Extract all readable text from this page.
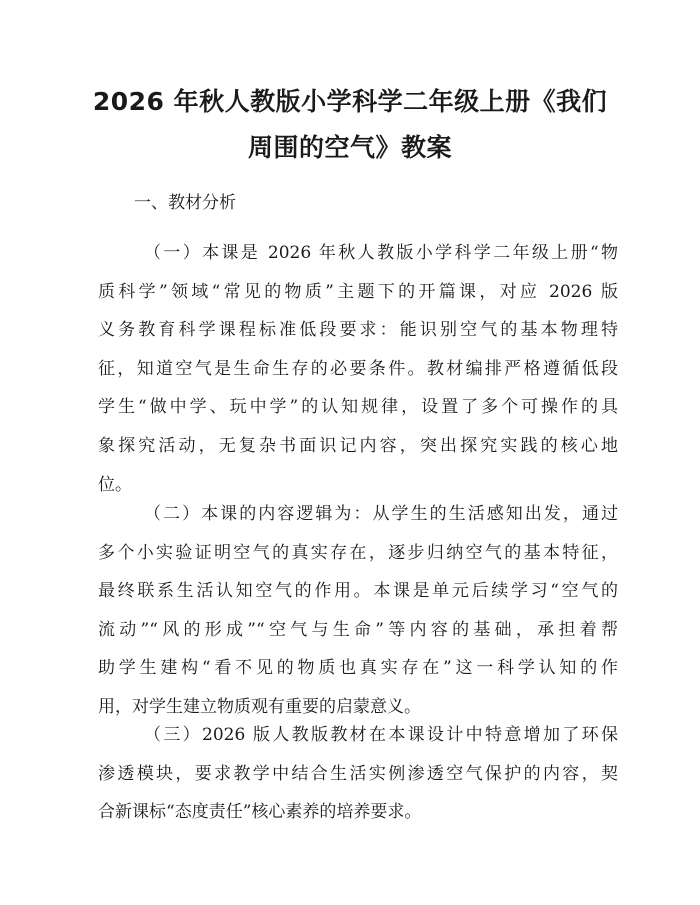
2026 年秋人教版小学科学二年级上册《我们
周围的空气》教案
一、教材分析
（一）本课是 2026 年秋人教版小学科学二年级上册“物
质科学”领域“常见的物质”主题下的开篇课，对应 2026 版
义务教育科学课程标准低段要求：能识别空气的基本物理特
征，知道空气是生命生存的必要条件。教材编排严格遵循低段
学生“做中学、玩中学”的认知规律，设置了多个可操作的具
象探究活动，无复杂书面识记内容，突出探究实践的核心地
位。
（二）本课的内容逻辑为：从学生的生活感知出发，通过
多个小实验证明空气的真实存在，逐步归纳空气的基本特征，
最终联系生活认知空气的作用。本课是单元后续学习“空气的
流动”“风的形成”“空气与生命”等内容的基础，承担着帮
助学生建构“看不见的物质也真实存在”这一科学认知的作
用，对学生建立物质观有重要的启蒙意义。
（三）2026 版人教版教材在本课设计中特意增加了环保
渗透模块，要求教学中结合生活实例渗透空气保护的内容，契
合新课标“态度责任”核心素养的培养要求。
